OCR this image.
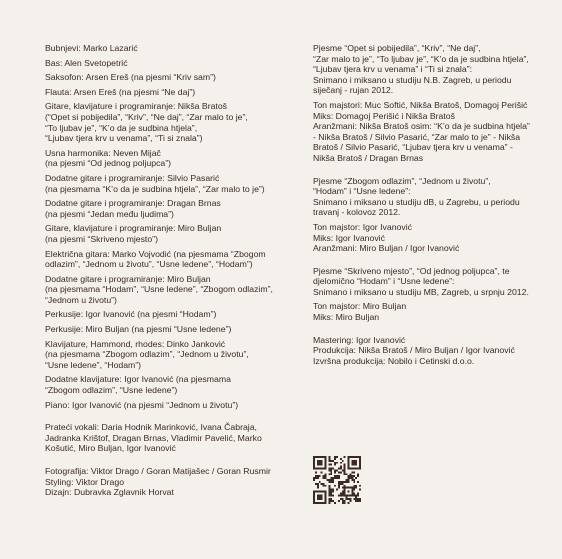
Bubnjevi: Marko Lazarić
Bas: Alen Svetopetrić
Saksofon: Arsen Ereš (na pjesmi “Kriv sam”)
Flauta: Arsen Ereš (na pjesmi “Ne daj”)
Gitare, klavijature i programiranje: Nikša Bratoš
(“Opet si pobijedila”, “Kriv”, “Ne daj”, “Zar malo to je”,
“To ljubav je”, “K’o da je sudbina htjela”,
“Ljubav tjera krv u venama”, “Ti si znala”)
Usna harmonika: Neven Mijač
(na pjesmi “Od jednog poljupca”)
Dodatne gitare i programiranje: Silvio Pasarić
(na pjesmama “K’o da je sudbina htjela”, “Zar malo to je”)
Dodatne gitare i programiranje: Dragan Brnas
(na pjesmi “Jedan među ljudima”)
Gitare, klavijature i programiranje: Miro Buljan
(na pjesmi “Skriveno mjesto”)
Električna gitara: Marko Vojvodić (na pjesmama “Zbogom
odlazim”, “Jednom u životu”, “Usne ledene”, “Hodam”)
Dodatne gitare i programiranje: Miro Buljan
(na pjesmama “Hodam”, “Usne ledene”, “Zbogom odlazim”,
“Jednom u životu”)
Perkusije: Igor Ivanović (na pjesmi “Hodam”)
Perkusije: Miro Buljan (na pjesmi “Usne ledene”)
Klavijature, Hammond, rhodes: Dinko Janković
(na pjesmama “Zbogom odlazim”, “Jednom u životu”,
“Usne ledene”, “Hodam”)
Dodatne klavijature: Igor Ivanović (na pjesmama
“Zbogom odlazim”, “Usne ledene”)
Piano: Igor Ivanović (na pjesmi “Jednom u životu”)
Prateći vokali: Daria Hodnik Marinković, Ivana Čabraja,
Jadranka Krištof, Dragan Brnas, Vladimir Pavelić, Marko
Košutić, Miro Buljan, Igor Ivanović
Fotografija: Viktor Drago / Goran Matijašec / Goran Rusmir
Styling: Viktor Drago
Dizajn: Dubravka Zglavnik Horvat
Pjesme “Opet si pobijedila”, “Kriv”, “Ne daj”,
“Zar malo to je”, “To ljubav je”, “K’o da je sudbina htjela”,
“Ljubav tjera krv u venama” i “Ti si znala”:
Snimano i miksano u studiju N.B. Zagreb, u periodu
siječanj - rujan 2012.
Ton majstori: Muc Softić, Nikša Bratoš, Domagoj Perišić
Miks: Domagoj Perišić i Nikša Bratoš
Aranžmani: Nikša Bratoš osim: “K’o da je sudbina htjela”
- Nikša Bratoš / Silvio Pasarić, “Zar malo to je” - Nikša
Bratoš / Silvio Pasarić, “Ljubav tjera krv u venama” -
Nikša Bratoš / Dragan Brnas
Pjesme “Zbogom odlazim”, “Jednom u životu”,
“Hodam” i “Usne ledene”:
Snimano i miksano u studiju dB, u Zagrebu, u periodu
travanj - kolovoz 2012.
Ton majstor: Igor Ivanović
Miks: Igor Ivanović
Aranžmani: Miro Buljan / Igor Ivanović
Pjesme “Skriveno mjesto”, “Od jednog poljupca”, te
djelomično “Hodam” i “Usne ledene”:
Snimano i miksano u studiju MB, Zagreb, u srpnju 2012.
Ton majstor: Miro Buljan
Miks: Miro Buljan
Mastering: Igor Ivanović
Produkcija: Nikša Bratoš / Miro Buljan / Igor Ivanović
Izvršna produkcija: Nobilo i Cetinski d.o.o.
